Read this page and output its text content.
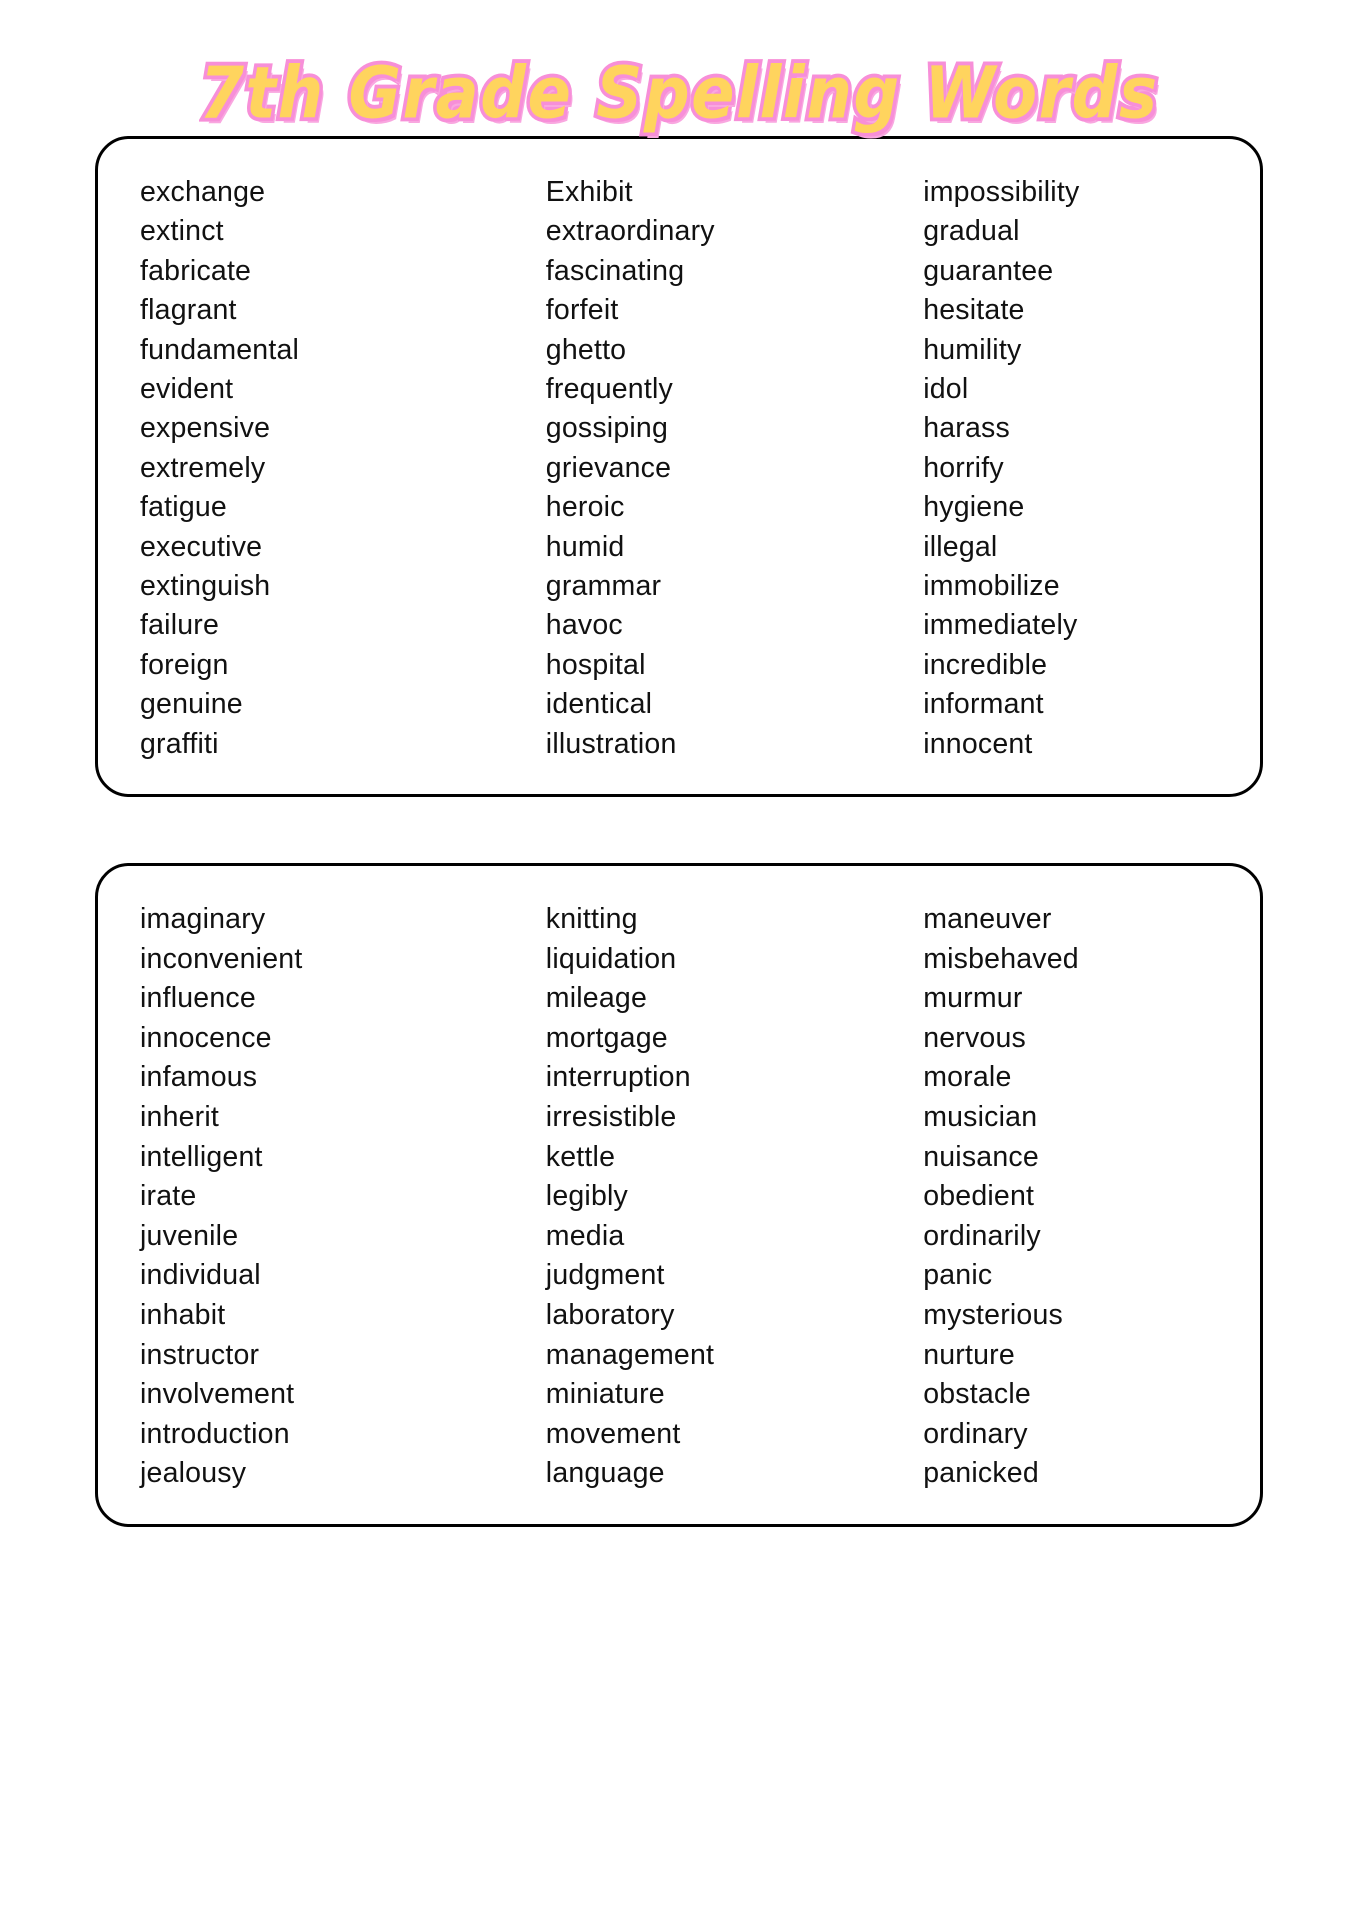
7th Grade Spelling Words
exchange
extinct
fabricate
flagrant
fundamental
evident
expensive
extremely
fatigue
executive
extinguish
failure
foreign
genuine
graffiti
Exhibit
extraordinary
fascinating
forfeit
ghetto
frequently
gossiping
grievance
heroic
humid
grammar
havoc
hospital
identical
illustration
impossibility
gradual
guarantee
hesitate
humility
idol
harass
horrify
hygiene
illegal
immobilize
immediately
incredible
informant
innocent
imaginary
inconvenient
influence
innocence
infamous
inherit
intelligent
irate
juvenile
individual
inhabit
instructor
involvement
introduction
jealousy
knitting
liquidation
mileage
mortgage
interruption
irresistible
kettle
legibly
media
judgment
laboratory
management
miniature
movement
language
maneuver
misbehaved
murmur
nervous
morale
musician
nuisance
obedient
ordinarily
panic
mysterious
nurture
obstacle
ordinary
panicked
